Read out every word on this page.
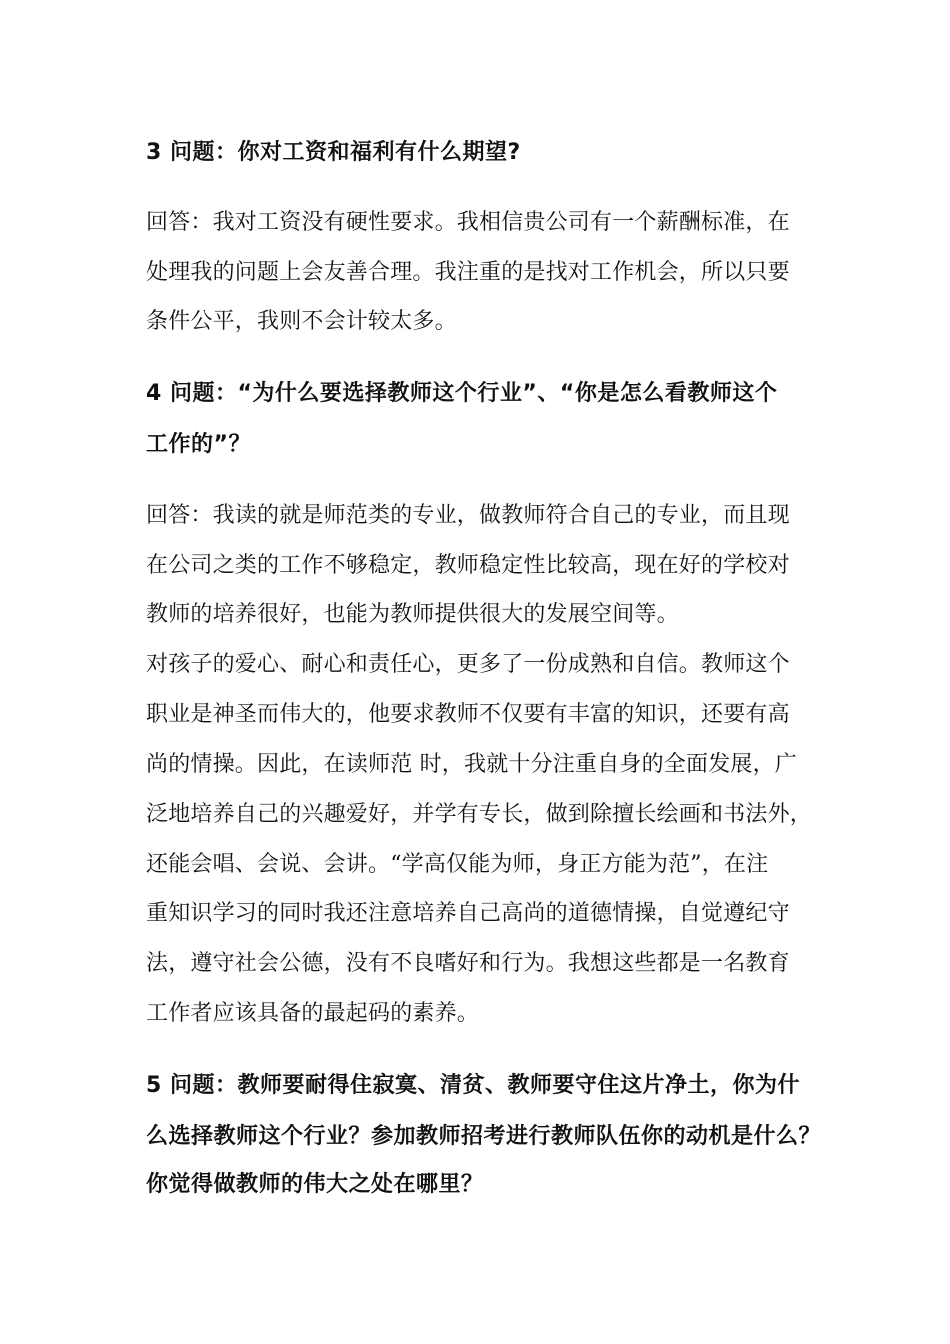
3 问题：你对工资和福利有什么期望?
回答：我对工资没有硬性要求。我相信贵公司有一个薪酬标准，在
处理我的问题上会友善合理。我注重的是找对工作机会，所以只要
条件公平，我则不会计较太多。
4 问题：“为什么要选择教师这个行业”、“你是怎么看教师这个
工作的”？
回答：我读的就是师范类的专业，做教师符合自己的专业，而且现
在公司之类的工作不够稳定，教师稳定性比较高，现在好的学校对
教师的培养很好，也能为教师提供很大的发展空间等。
对孩子的爱心、耐心和责任心，更多了一份成熟和自信。教师这个
职业是神圣而伟大的，他要求教师不仅要有丰富的知识，还要有高
尚的情操。因此，在读师范 时，我就十分注重自身的全面发展，广
泛地培养自己的兴趣爱好，并学有专长，做到除擅长绘画和书法外，
还能会唱、会说、会讲。“学高仅能为师，身正方能为范”，在注
重知识学习的同时我还注意培养自己高尚的道德情操，自觉遵纪守
法，遵守社会公德，没有不良嗜好和行为。我想这些都是一名教育
工作者应该具备的最起码的素养。
5 问题：教师要耐得住寂寞、清贫、教师要守住这片净土，你为什
么选择教师这个行业？参加教师招考进行教师队伍你的动机是什么？
你觉得做教师的伟大之处在哪里？
